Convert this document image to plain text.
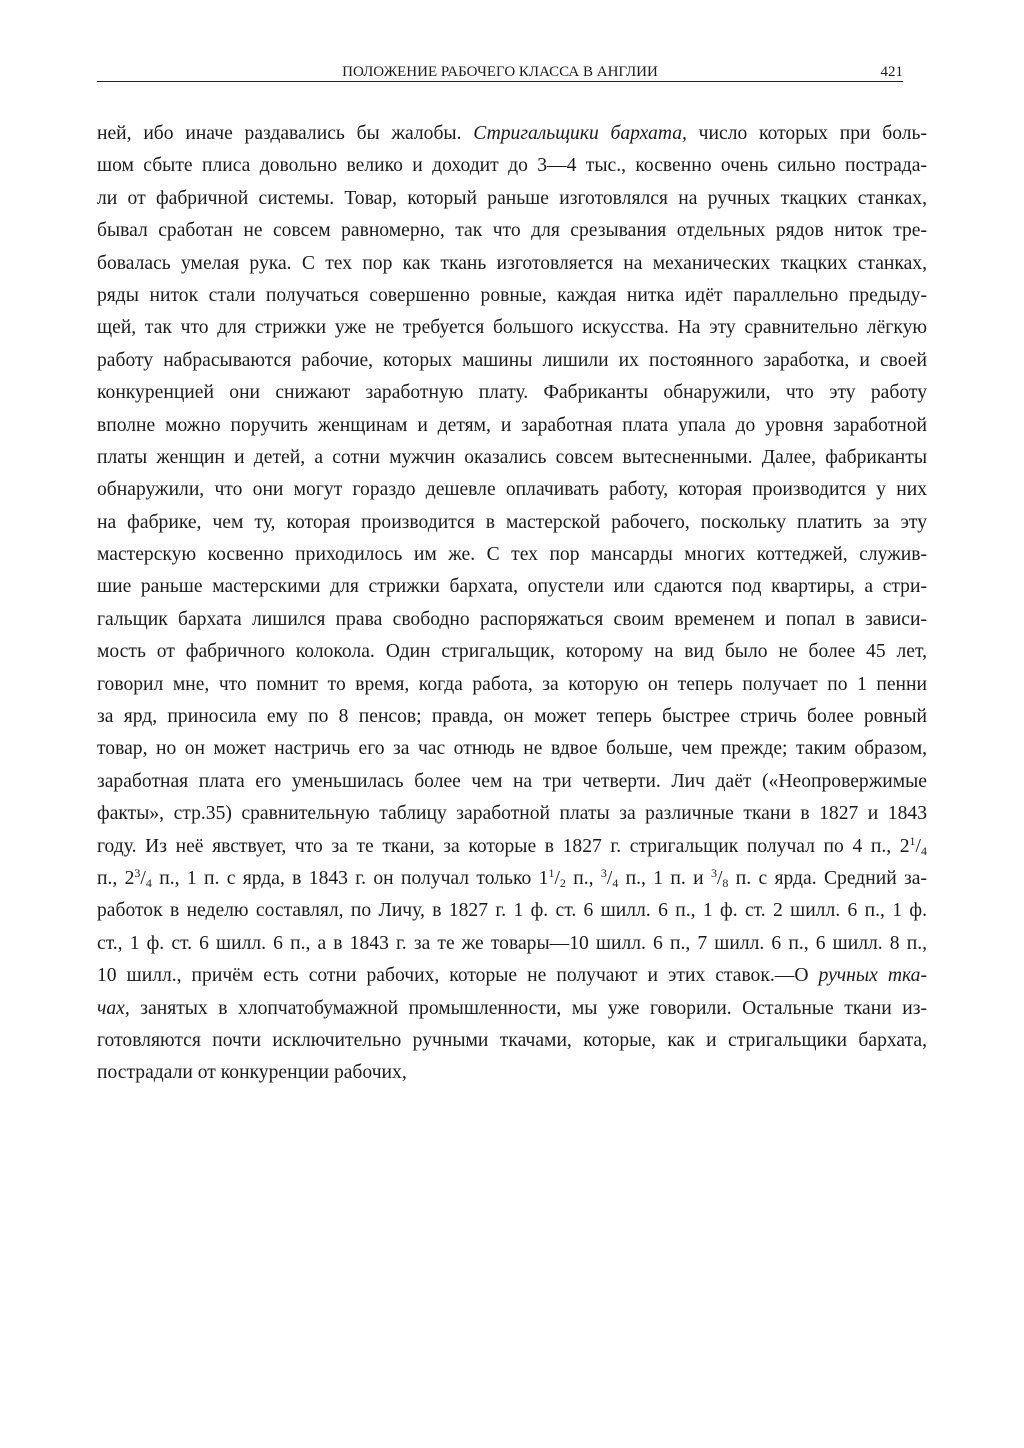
ПОЛОЖЕНИЕ РАБОЧЕГО КЛАССА В АНГЛИИ	421
ней, ибо иначе раздавались бы жалобы. Стригальщики бархата, число которых при боль-
шом сбыте плиса довольно велико и доходит до 3—4 тыс., косвенно очень сильно пострада-
ли от фабричной системы. Товар, который раньше изготовлялся на ручных ткацких станках,
бывал сработан не совсем равномерно, так что для срезывания отдельных рядов ниток тре-
бовалась умелая рука. С тех пор как ткань изготовляется на механических ткацких станках,
ряды ниток стали получаться совершенно ровные, каждая нитка идёт параллельно предыду-
щей, так что для стрижки уже не требуется большого искусства. На эту сравнительно лёгкую
работу набрасываются рабочие, которых машины лишили их постоянного заработка, и своей
конкуренцией они снижают заработную плату. Фабриканты обнаружили, что эту работу
вполне можно поручить женщинам и детям, и заработная плата упала до уровня заработной
платы женщин и детей, а сотни мужчин оказались совсем вытесненными. Далее, фабриканты
обнаружили, что они могут гораздо дешевле оплачивать работу, которая производится у них
на фабрике, чем ту, которая производится в мастерской рабочего, поскольку платить за эту
мастерскую косвенно приходилось им же. С тех пор мансарды многих коттеджей, служив-
шие раньше мастерскими для стрижки бархата, опустели или сдаются под квартиры, а стри-
гальщик бархата лишился права свободно распоряжаться своим временем и попал в зависи-
мость от фабричного колокола. Один стригальщик, которому на вид было не более 45 лет,
говорил мне, что помнит то время, когда работа, за которую он теперь получает по 1 пенни
за ярд, приносила ему по 8 пенсов; правда, он может теперь быстрее стричь более ровный
товар, но он может настричь его за час отнюдь не вдвое больше, чем прежде; таким образом,
заработная плата его уменьшилась более чем на три четверти. Лич даёт («Неопровержимые
факты», стр.35) сравнительную таблицу заработной платы за различные ткани в 1827 и 1843
году. Из неё явствует, что за те ткани, за которые в 1827 г. стригальщик получал по 4 п., $2^1/_4$
п., $2^3/_4$ п., 1 п. с ярда, в 1843 г. он получал только $1^1/_2$ п., $^3/_4$ п., 1 п. и $^3/_8$ п. с ярда. Средний за-
работок в неделю составлял, по Личу, в 1827 г. 1 ф. ст. 6 шилл. 6 п., 1 ф. ст. 2 шилл. 6 п., 1 ф.
ст., 1 ф. ст. 6 шилл. 6 п., а в 1843 г. за те же товары—10 шилл. 6 п., 7 шилл. 6 п., 6 шилл. 8 п.,
10 шилл., причём есть сотни рабочих, которые не получают и этих ставок.—О ручных тка-
чах, занятых в хлопчатобумажной промышленности, мы уже говорили. Остальные ткани из-
готовляются почти исключительно ручными ткачами, которые, как и стригальщики бархата,
пострадали от конкуренции рабочих,
